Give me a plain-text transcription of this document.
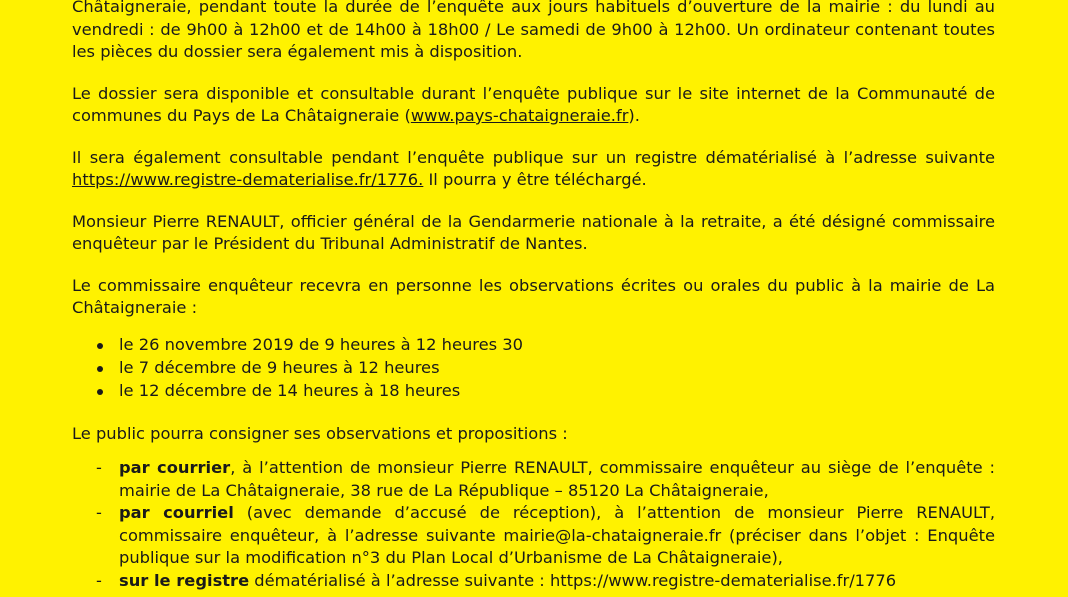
Châtaigneraie, pendant toute la durée de l’enquête aux jours habituels d’ouverture de la mairie : du lundi au vendredi : de 9h00 à 12h00 et de 14h00 à 18h00 / Le samedi de 9h00 à 12h00. Un ordinateur contenant toutes les pièces du dossier sera également mis à disposition.

Le dossier sera disponible et consultable durant l’enquête publique sur le site internet de la Communauté de communes du Pays de La Châtaigneraie (www.pays-chataigneraie.fr).

Il sera également consultable pendant l’enquête publique sur un registre dématérialisé à l’adresse suivante https://www.registre-dematerialise.fr/1776. Il pourra y être téléchargé.

Monsieur Pierre RENAULT, officier général de la Gendarmerie nationale à la retraite, a été désigné commissaire enquêteur par le Président du Tribunal Administratif de Nantes.

Le commissaire enquêteur recevra en personne les observations écrites ou orales du public à la mairie de La Châtaigneraie :

le 26 novembre 2019 de 9 heures à 12 heures 30
le 7 décembre de 9 heures à 12 heures
le 12 décembre de 14 heures à 18 heures

Le public pourra consigner ses observations et propositions :

- par courrier, à l’attention de monsieur Pierre RENAULT, commissaire enquêteur au siège de l’enquête : mairie de La Châtaigneraie, 38 rue de La République – 85120 La Châtaigneraie,
- par courriel (avec demande d’accusé de réception), à l’attention de monsieur Pierre RENAULT, commissaire enquêteur, à l’adresse suivante mairie@la-chataigneraie.fr (préciser dans l’objet : Enquête publique sur la modification n°3 du Plan Local d’Urbanisme de La Châtaigneraie),
- sur le registre dématérialisé à l’adresse suivante : https://www.registre-dematerialise.fr/1776
